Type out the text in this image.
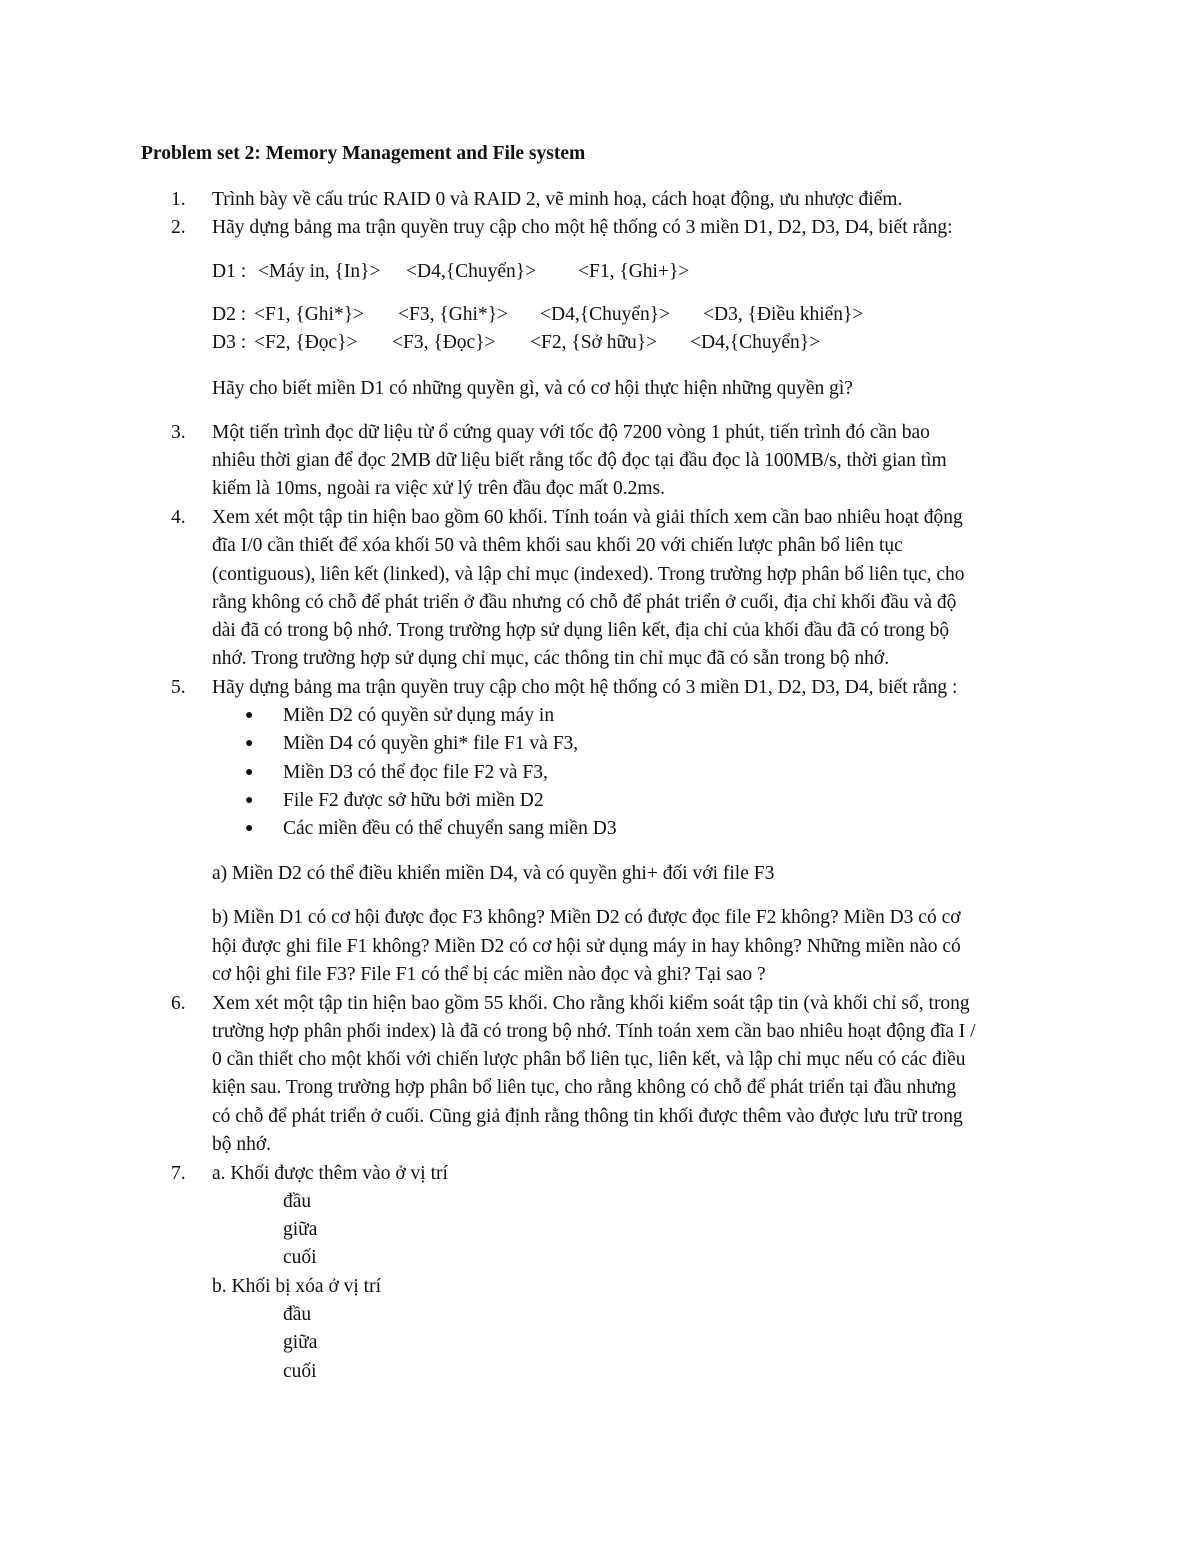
Problem set 2: Memory Management and File system
1. Trình bày về cấu trúc RAID 0 và RAID 2, vẽ minh hoạ, cách hoạt động, ưu nhược điểm.
2. Hãy dựng bảng ma trận quyền truy cập cho một hệ thống có 3 miền D1, D2, D3, D4, biết rằng:
D1 : <Máy in, {In}> <D4,{Chuyển}> <F1, {Ghi+}>
D2 : <F1, {Ghi*}> <F3, {Ghi*}> <D4,{Chuyển}> <D3, {Điều khiển}>
D3 : <F2, {Đọc}> <F3, {Đọc}> <F2, {Sở hữu}> <D4,{Chuyển}>
Hãy cho biết miền D1 có những quyền gì, và có cơ hội thực hiện những quyền gì?
3. Một tiến trình đọc dữ liệu từ ổ cứng quay với tốc độ 7200 vòng 1 phút, tiến trình đó cần bao
nhiêu thời gian để đọc 2MB dữ liệu biết rằng tốc độ đọc tại đầu đọc là 100MB/s, thời gian tìm
kiếm là 10ms, ngoài ra việc xử lý trên đầu đọc mất 0.2ms.
4. Xem xét một tập tin hiện bao gồm 60 khối. Tính toán và giải thích xem cần bao nhiêu hoạt động
đĩa I/0 cần thiết để xóa khối 50 và thêm khối sau khối 20 với chiến lược phân bổ liên tục
(contiguous), liên kết (linked), và lập chỉ mục (indexed). Trong trường hợp phân bổ liên tục, cho
rằng không có chỗ để phát triển ở đầu nhưng có chỗ để phát triển ở cuối, địa chỉ khối đầu và độ
dài đã có trong bộ nhớ. Trong trường hợp sử dụng liên kết, địa chỉ của khối đầu đã có trong bộ
nhớ. Trong trường hợp sử dụng chỉ mục, các thông tin chỉ mục đã có sẵn trong bộ nhớ.
5. Hãy dựng bảng ma trận quyền truy cập cho một hệ thống có 3 miền D1, D2, D3, D4, biết rằng :
● Miền D2 có quyền sử dụng máy in
● Miền D4 có quyền ghi* file F1 và F3,
● Miền D3 có thể đọc file F2 và F3,
● File F2 được sở hữu bởi miền D2
● Các miền đều có thể chuyển sang miền D3
a) Miền D2 có thể điều khiển miền D4, và có quyền ghi+ đối với file F3
b) Miền D1 có cơ hội được đọc F3 không? Miền D2 có được đọc file F2 không? Miền D3 có cơ
hội được ghi file F1 không? Miền D2 có cơ hội sử dụng máy in hay không? Những miền nào có
cơ hội ghi file F3? File F1 có thể bị các miền nào đọc và ghi? Tại sao ?
6. Xem xét một tập tin hiện bao gồm 55 khối. Cho rằng khối kiểm soát tập tin (và khối chỉ số, trong
trường hợp phân phối index) là đã có trong bộ nhớ. Tính toán xem cần bao nhiêu hoạt động đĩa I /
0 cần thiết cho một khối với chiến lược phân bổ liên tục, liên kết, và lập chỉ mục nếu có các điều
kiện sau. Trong trường hợp phân bổ liên tục, cho rằng không có chỗ để phát triển tại đầu nhưng
có chỗ để phát triển ở cuối. Cũng giả định rằng thông tin khối được thêm vào được lưu trữ trong
bộ nhớ.
7. a. Khối được thêm vào ở vị trí
đầu
giữa
cuối
b. Khối bị xóa ở vị trí
đầu
giữa
cuối
